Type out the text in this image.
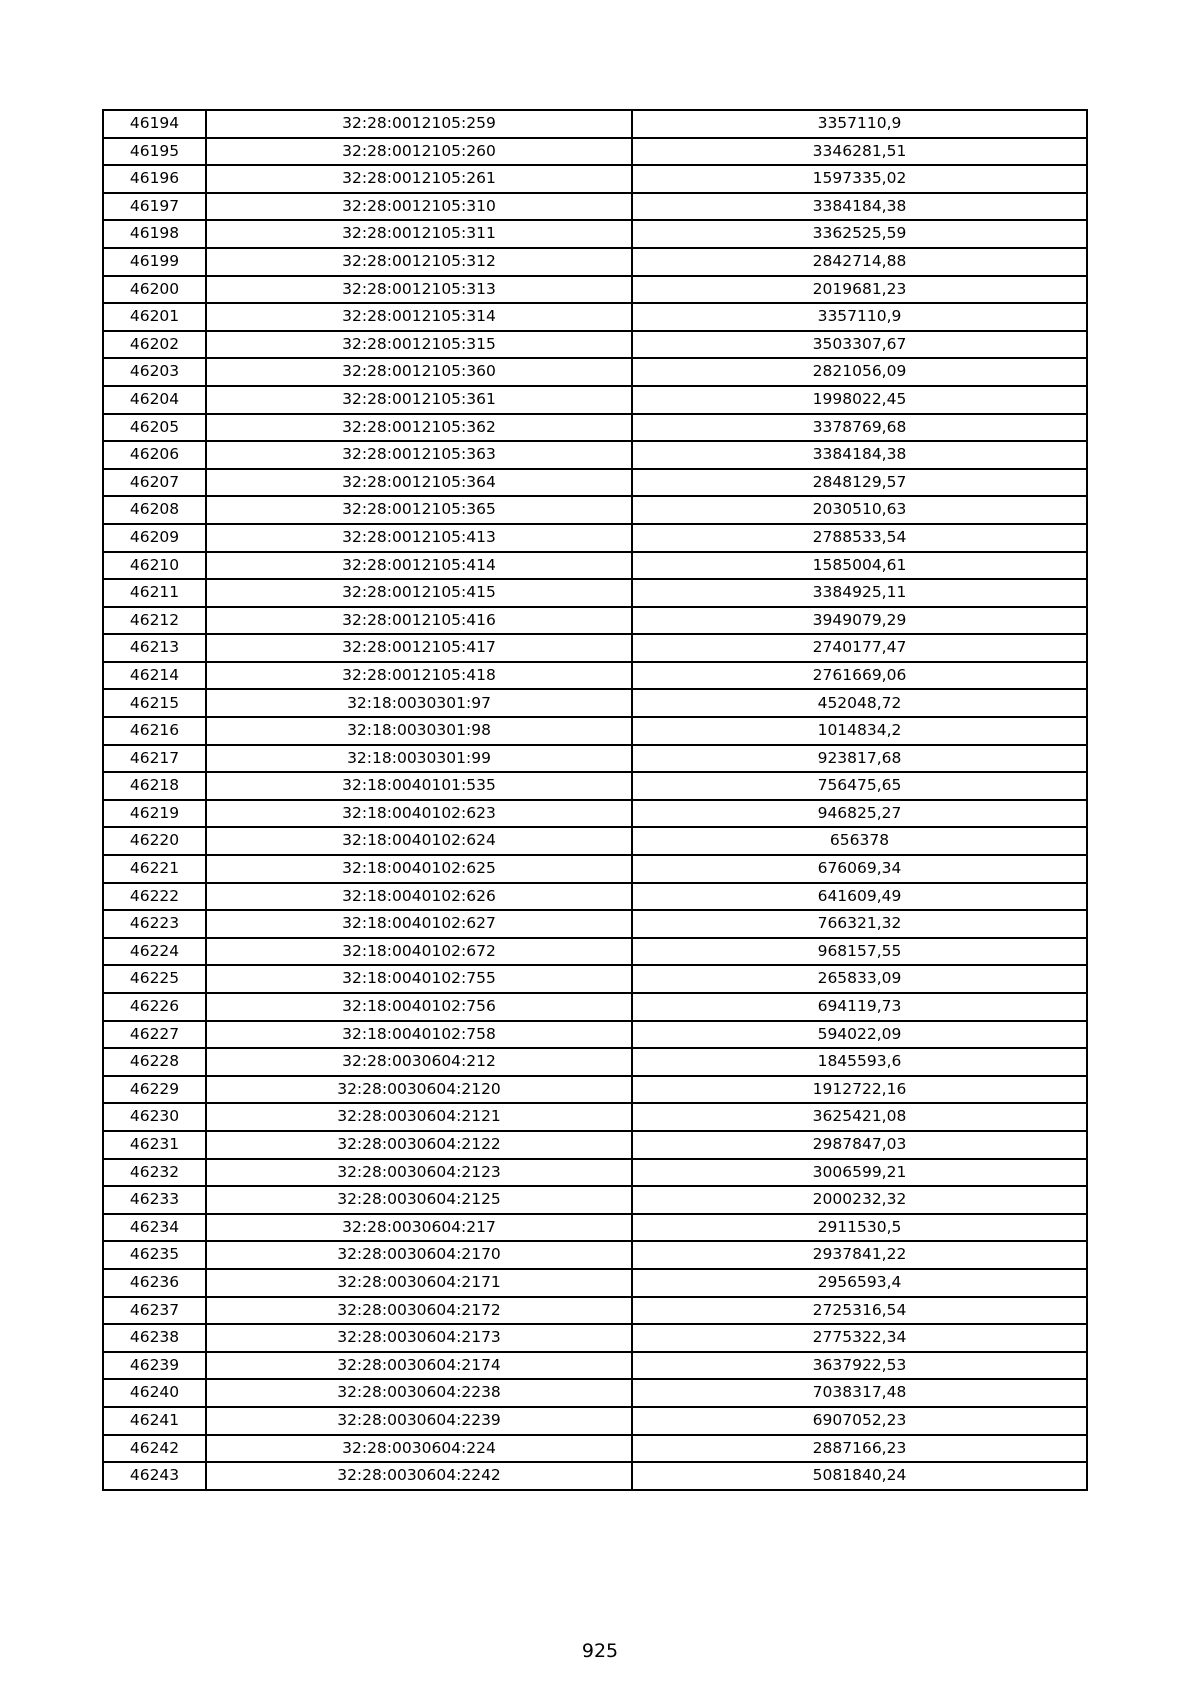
46194	32:28:0012105:259	3357110,9
46195	32:28:0012105:260	3346281,51
46196	32:28:0012105:261	1597335,02
46197	32:28:0012105:310	3384184,38
46198	32:28:0012105:311	3362525,59
46199	32:28:0012105:312	2842714,88
46200	32:28:0012105:313	2019681,23
46201	32:28:0012105:314	3357110,9
46202	32:28:0012105:315	3503307,67
46203	32:28:0012105:360	2821056,09
46204	32:28:0012105:361	1998022,45
46205	32:28:0012105:362	3378769,68
46206	32:28:0012105:363	3384184,38
46207	32:28:0012105:364	2848129,57
46208	32:28:0012105:365	2030510,63
46209	32:28:0012105:413	2788533,54
46210	32:28:0012105:414	1585004,61
46211	32:28:0012105:415	3384925,11
46212	32:28:0012105:416	3949079,29
46213	32:28:0012105:417	2740177,47
46214	32:28:0012105:418	2761669,06
46215	32:18:0030301:97	452048,72
46216	32:18:0030301:98	1014834,2
46217	32:18:0030301:99	923817,68
46218	32:18:0040101:535	756475,65
46219	32:18:0040102:623	946825,27
46220	32:18:0040102:624	656378
46221	32:18:0040102:625	676069,34
46222	32:18:0040102:626	641609,49
46223	32:18:0040102:627	766321,32
46224	32:18:0040102:672	968157,55
46225	32:18:0040102:755	265833,09
46226	32:18:0040102:756	694119,73
46227	32:18:0040102:758	594022,09
46228	32:28:0030604:212	1845593,6
46229	32:28:0030604:2120	1912722,16
46230	32:28:0030604:2121	3625421,08
46231	32:28:0030604:2122	2987847,03
46232	32:28:0030604:2123	3006599,21
46233	32:28:0030604:2125	2000232,32
46234	32:28:0030604:217	2911530,5
46235	32:28:0030604:2170	2937841,22
46236	32:28:0030604:2171	2956593,4
46237	32:28:0030604:2172	2725316,54
46238	32:28:0030604:2173	2775322,34
46239	32:28:0030604:2174	3637922,53
46240	32:28:0030604:2238	7038317,48
46241	32:28:0030604:2239	6907052,23
46242	32:28:0030604:224	2887166,23
46243	32:28:0030604:2242	5081840,24
925
